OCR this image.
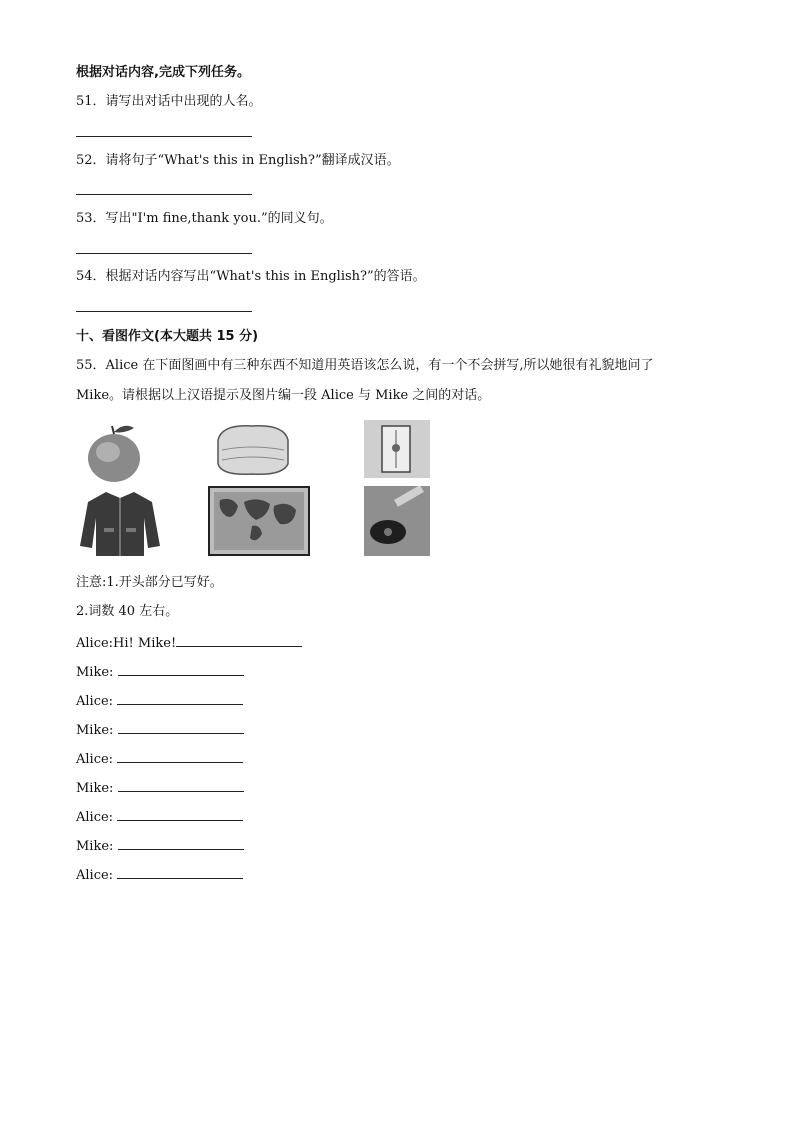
根据对话内容,完成下列任务。
51．请写出对话中出现的人名。
52．请将句子“What's this in English?”翻译成汉语。
53．写出"I'm fine,thank you.”的同义句。
54．根据对话内容写出“What's this in English?”的答语。
十、看图作文(本大题共 15 分)
55．Alice 在下面图画中有三种东西不知道用英语该怎么说，有一个不会拼写,所以她很有礼貌地问了
Mike。请根据以上汉语提示及图片编一段 Alice 与 Mike 之间的对话。
注意:1.开头部分已写好。
2.词数 40 左右。
Alice:Hi! Mike!
Mike:
Alice:
Mike:
Alice:
Mike:
Alice:
Mike:
Alice:
